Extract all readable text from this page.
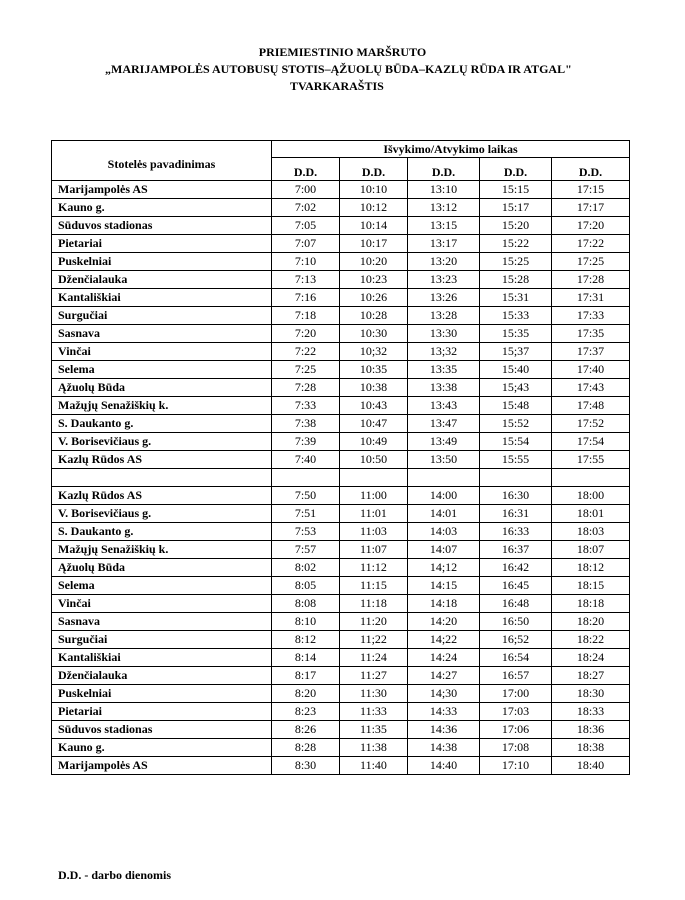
PRIEMIESTINIO MARŠRUTO
„MARIJAMPOLĖS AUTOBUSŲ STOTIS–ĄŽUOLŲ BŪDA–KAZLŲ RŪDA IR ATGAL"
TVARKARAŠTIS
Stotelės pavadinimas	Išvykimo/Atvykimo laikas				
	D.D.	D.D.	D.D.	D.D.	D.D.
Marijampolės AS	7:00	10:10	13:10	15:15	17:15
Kauno g.	7:02	10:12	13:12	15:17	17:17
Sūduvos stadionas	7:05	10:14	13:15	15:20	17:20
Pietariai	7:07	10:17	13:17	15:22	17:22
Puskelniai	7:10	10:20	13:20	15:25	17:25
Dženčialauka	7:13	10:23	13:23	15:28	17:28
Kantališkiai	7:16	10:26	13:26	15:31	17:31
Surgučiai	7:18	10:28	13:28	15:33	17:33
Sasnava	7:20	10:30	13:30	15:35	17:35
Vinčai	7:22	10;32	13;32	15;37	17:37
Selema	7:25	10:35	13:35	15:40	17:40
Ąžuolų Būda	7:28	10:38	13:38	15;43	17:43
Mažųjų Senažiškių k.	7:33	10:43	13:43	15:48	17:48
S. Daukanto g.	7:38	10:47	13:47	15:52	17:52
V. Borisevičiaus g.	7:39	10:49	13:49	15:54	17:54
Kazlų Rūdos AS	7:40	10:50	13:50	15:55	17:55

Kazlų Rūdos AS	7:50	11:00	14:00	16:30	18:00
V. Borisevičiaus g.	7:51	11:01	14:01	16:31	18:01
S. Daukanto g.	7:53	11:03	14:03	16:33	18:03
Mažųjų Senažiškių k.	7:57	11:07	14:07	16:37	18:07
Ąžuolų Būda	8:02	11:12	14;12	16:42	18:12
Selema	8:05	11:15	14:15	16:45	18:15
Vinčai	8:08	11:18	14:18	16:48	18:18
Sasnava	8:10	11:20	14:20	16:50	18:20
Surgučiai	8:12	11;22	14;22	16;52	18:22
Kantališkiai	8:14	11:24	14:24	16:54	18:24
Dženčialauka	8:17	11:27	14:27	16:57	18:27
Puskelniai	8:20	11:30	14;30	17:00	18:30
Pietariai	8:23	11:33	14:33	17:03	18:33
Sūduvos stadionas	8:26	11:35	14:36	17:06	18:36
Kauno g.	8:28	11:38	14:38	17:08	18:38
Marijampolės AS	8:30	11:40	14:40	17:10	18:40
D.D. - darbo dienomis
